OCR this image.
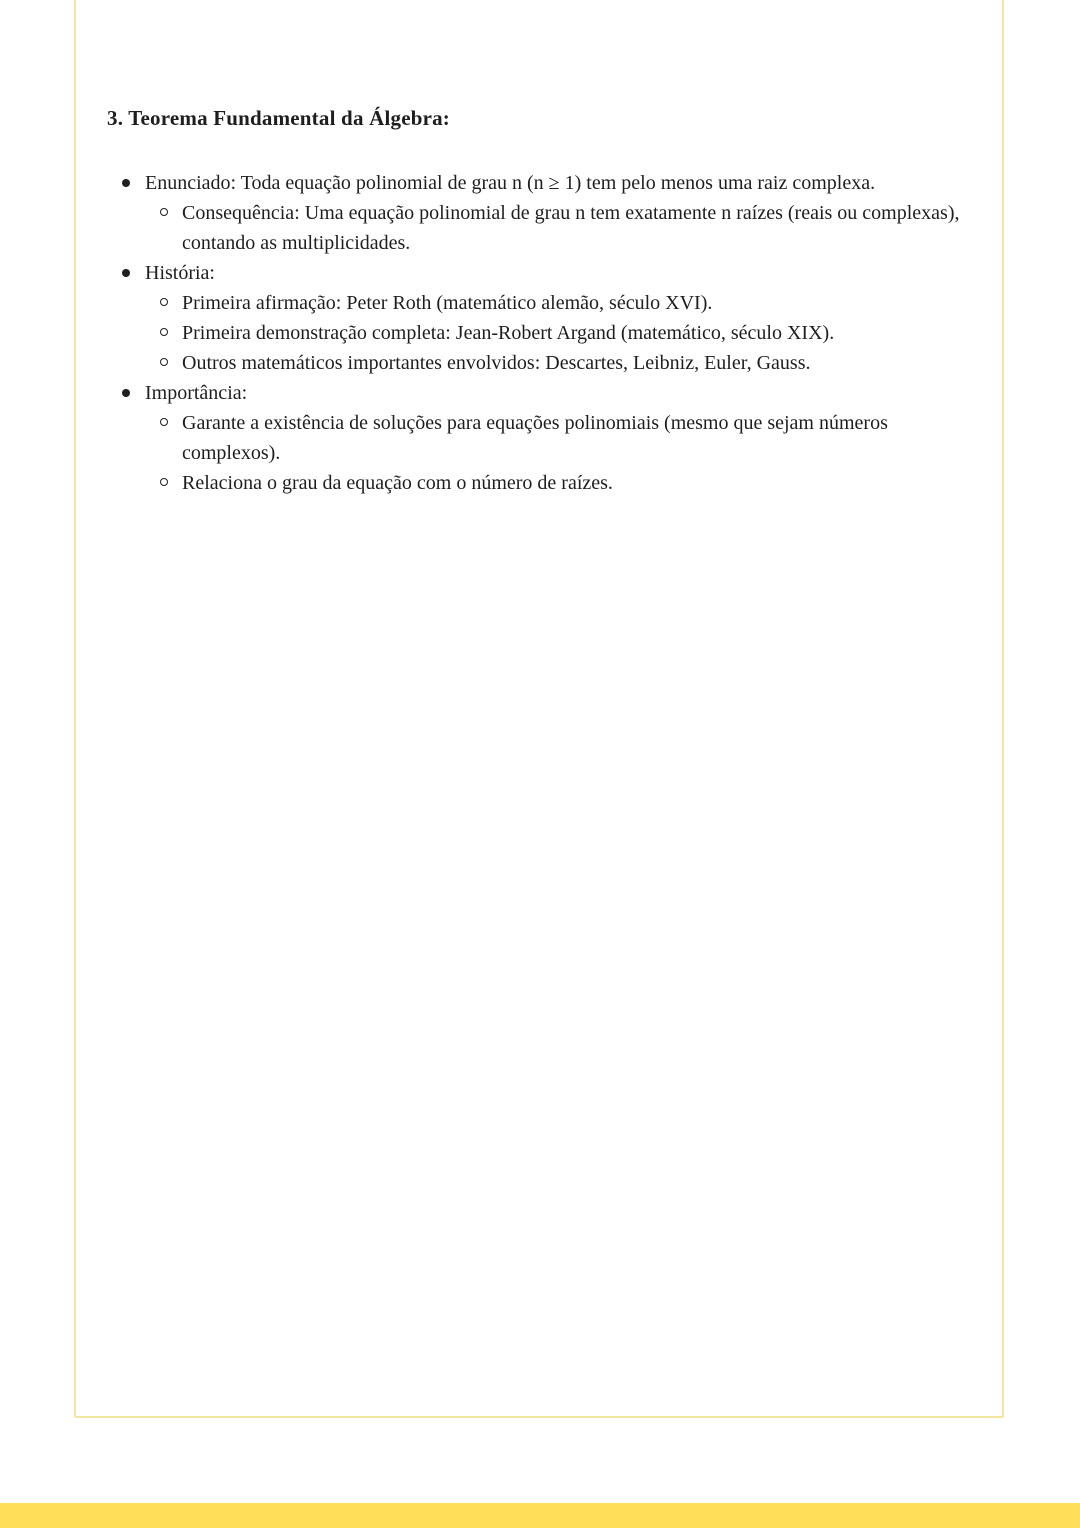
3. Teorema Fundamental da Álgebra:
Enunciado: Toda equação polinomial de grau n (n ≥ 1) tem pelo menos uma raiz complexa.
Consequência: Uma equação polinomial de grau n tem exatamente n raízes (reais ou complexas), contando as multiplicidades.
História:
Primeira afirmação: Peter Roth (matemático alemão, século XVI).
Primeira demonstração completa: Jean-Robert Argand (matemático, século XIX).
Outros matemáticos importantes envolvidos: Descartes, Leibniz, Euler, Gauss.
Importância:
Garante a existência de soluções para equações polinomiais (mesmo que sejam números complexos).
Relaciona o grau da equação com o número de raízes.
